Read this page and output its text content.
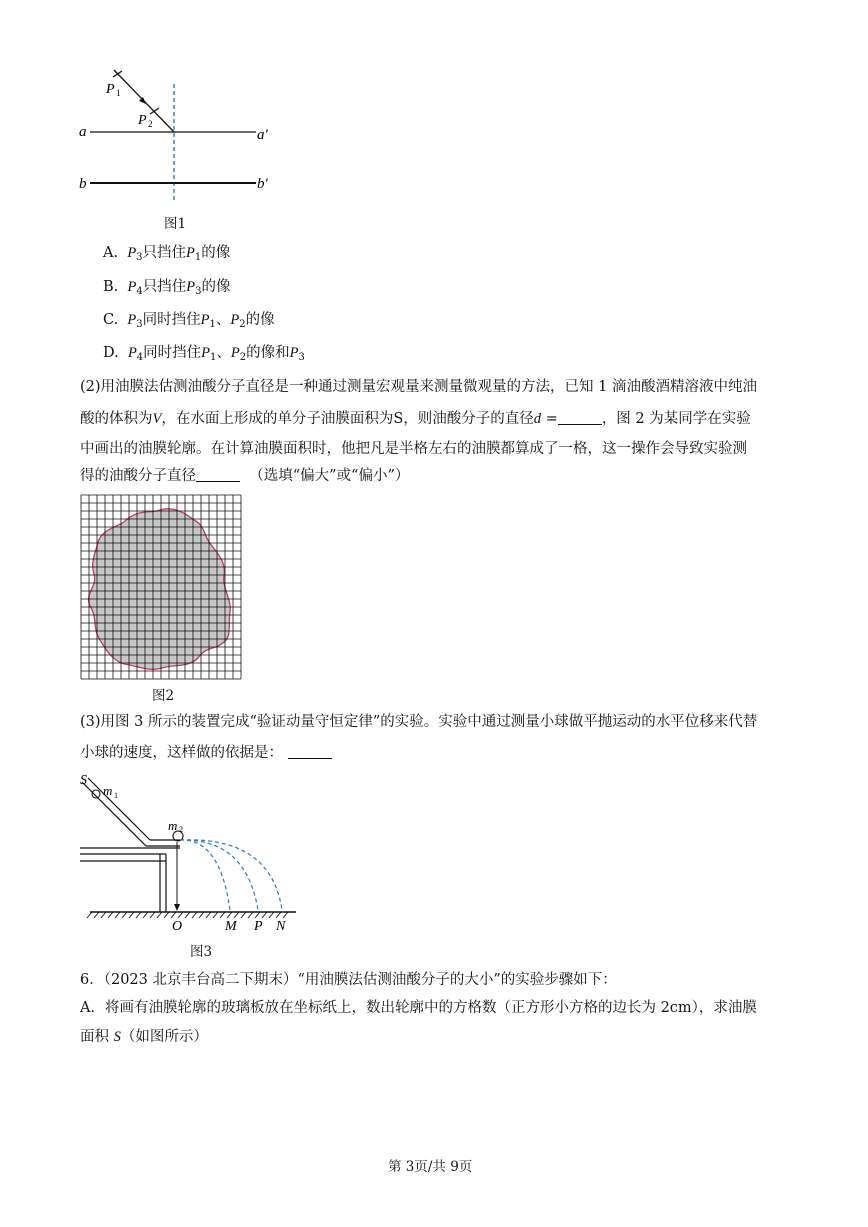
P 1
P 2
a	a′
b	b′
图1
A. $P_3$只挡住$P_1$的像
B. $P_4$只挡住$P_3$的像
C. $P_3$同时挡住$P_1$、$P_2$的像
D. $P_4$同时挡住$P_1$、$P_2$的像和$P_3$
(2)用油膜法估测油酸分子直径是一种通过测量宏观量来测量微观量的方法，已知 1 滴油酸酒精溶液中纯油
酸的体积为V，在水面上形成的单分子油膜面积为S，则油酸分子的直径d =	，图 2 为某同学在实验
中画出的油膜轮廓。在计算油膜面积时，他把凡是半格左右的油膜都算成了一格，这一操作会导致实验测
得的油酸分子直径	（选填“偏大”或“偏小”）
图2
(3)用图 3 所示的装置完成“验证动量守恒定律”的实验。实验中通过测量小球做平抛运动的水平位移来代替
小球的速度，这样做的依据是：
S
m 1
m 2
O	M P N
图3
6．（2023 北京丰台高二下期末）“用油膜法估测油酸分子的大小”的实验步骤如下：
A．将画有油膜轮廓的玻璃板放在坐标纸上，数出轮廓中的方格数（正方形小方格的边长为 2cm），求油膜
面积 S（如图所示）
第 3页/共 9页
